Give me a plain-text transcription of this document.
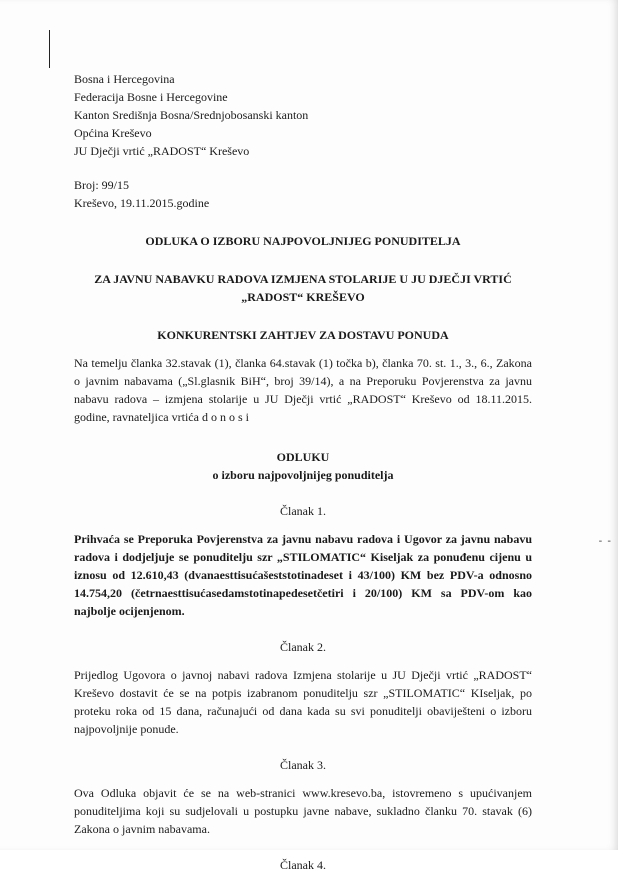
- -
Bosna i Hercegovina
Federacija Bosne i Hercegovine
Kanton Središnja Bosna/Srednjobosanski kanton
Općina Kreševo
JU Dječji vrtić „RADOST“ Kreševo
Broj: 99/15
Kreševo, 19.11.2015.godine
ODLUKA O IZBORU NAJPOVOLJNIJEG PONUDITELJA
ZA JAVNU NABAVKU RADOVA IZMJENA STOLARIJE U JU DJEČJI VRTIĆ
„RADOST“ KREŠEVO
KONKURENTSKI ZAHTJEV ZA DOSTAVU PONUDA

Na temelju članka 32.stavak (1), članka 64.stavak (1) točka b), članka 70. st. 1., 3., 6., Zakona o javnim nabavama („Sl.glasnik BiH“, broj 39/14), a na Preporuku Povjerenstva za javnu nabavu radova – izmjena stolarije u JU Dječji vrtić „RADOST“ Kreševo od 18.11.2015. godine, ravnateljica vrtića d o n o s i

ODLUKU
o izboru najpovoljnijeg ponuditelja
Članak 1.

Prihvaća se Preporuka Povjerenstva za javnu nabavu radova i Ugovor za javnu nabavu radova i dodjeljuje se ponuditelju szr „STILOMATIC“ Kiseljak za ponuđenu cijenu u iznosu od 12.610,43 (dvanaesttisućašeststotinadeset i 43/100) KM bez PDV-a odnosno 14.754,20 (četrnaesttisućasedamstotinapedesetčetiri i 20/100) KM sa PDV-om kao najbolje ocijenjenom.

Članak 2.

Prijedlog Ugovora o javnoj nabavi radova Izmjena stolarije u JU Dječji vrtić „RADOST“ Kreševo dostavit će se na potpis izabranom ponuditelju szr „STILOMATIC“ KIseljak, po proteku roka od 15 dana, računajući od dana kada su svi ponuditelji obaviješteni o izboru najpovoljnije ponude.

Članak 3.

Ova Odluka objavit će se na web-stranici www.kresevo.ba, istovremeno s upućivanjem ponuditeljima koji su sudjelovali u postupku javne nabave, sukladno članku 70. stavak (6) Zakona o javnim nabavama.

Članak 4.
